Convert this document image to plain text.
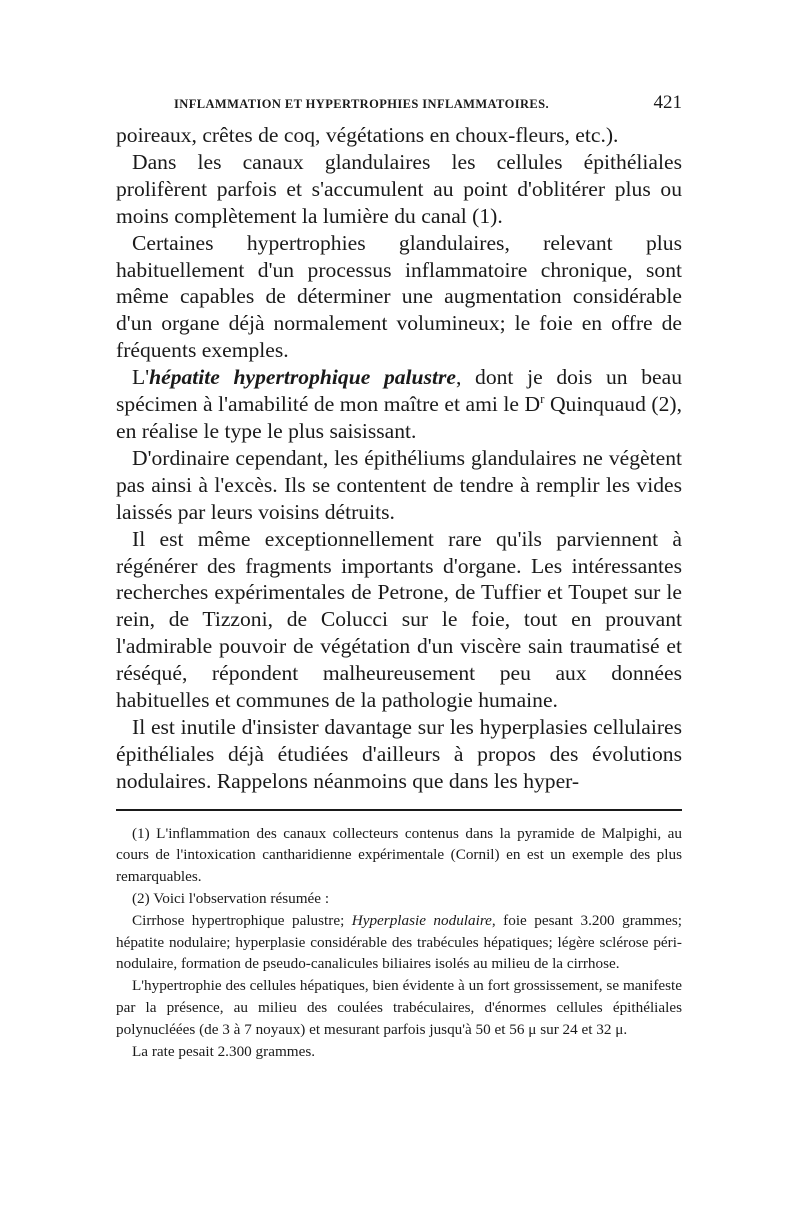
INFLAMMATION ET HYPERTROPHIES INFLAMMATOIRES.	421

poireaux, crêtes de coq, végétations en choux-fleurs, etc.).

Dans les canaux glandulaires les cellules épithéliales prolifèrent parfois et s'accumulent au point d'oblitérer plus ou moins complètement la lumière du canal (1).

Certaines hypertrophies glandulaires, relevant plus habituellement d'un processus inflammatoire chronique, sont même capables de déterminer une augmentation considérable d'un organe déjà normalement volumineux; le foie en offre de fréquents exemples.

L'hépatite hypertrophique palustre, dont je dois un beau spécimen à l'amabilité de mon maître et ami le $D^r$ Quinquaud (2), en réalise le type le plus saisissant.

D'ordinaire cependant, les épithéliums glandulaires ne végètent pas ainsi à l'excès. Ils se contentent de tendre à remplir les vides laissés par leurs voisins détruits.

Il est même exceptionnellement rare qu'ils parviennent à régénérer des fragments importants d'organe. Les intéressantes recherches expérimentales de Petrone, de Tuffier et Toupet sur le rein, de Tizzoni, de Colucci sur le foie, tout en prouvant l'admirable pouvoir de végétation d'un viscère sain traumatisé et réséqué, répondent malheureusement peu aux données habituelles et communes de la pathologie humaine.

Il est inutile d'insister davantage sur les hyperplasies cellulaires épithéliales déjà étudiées d'ailleurs à propos des évolutions nodulaires. Rappelons néanmoins que dans les hyper-

(1) L'inflammation des canaux collecteurs contenus dans la pyramide de Malpighi, au cours de l'intoxication cantharidienne expérimentale (Cornil) en est un exemple des plus remarquables.

(2) Voici l'observation résumée :

Cirrhose hypertrophique palustre; Hyperplasie nodulaire, foie pesant 3.200 grammes; hépatite nodulaire; hyperplasie considérable des trabécules hépatiques; légère sclérose péri-nodulaire, formation de pseudo-canalicules biliaires isolés au milieu de la cirrhose.

L'hypertrophie des cellules hépatiques, bien évidente à un fort grossissement, se manifeste par la présence, au milieu des coulées trabéculaires, d'énormes cellules épithéliales polynucléées (de 3 à 7 noyaux) et mesurant parfois jusqu'à 50 et 56 μ sur 24 et 32 μ.

La rate pesait 2.300 grammes.
